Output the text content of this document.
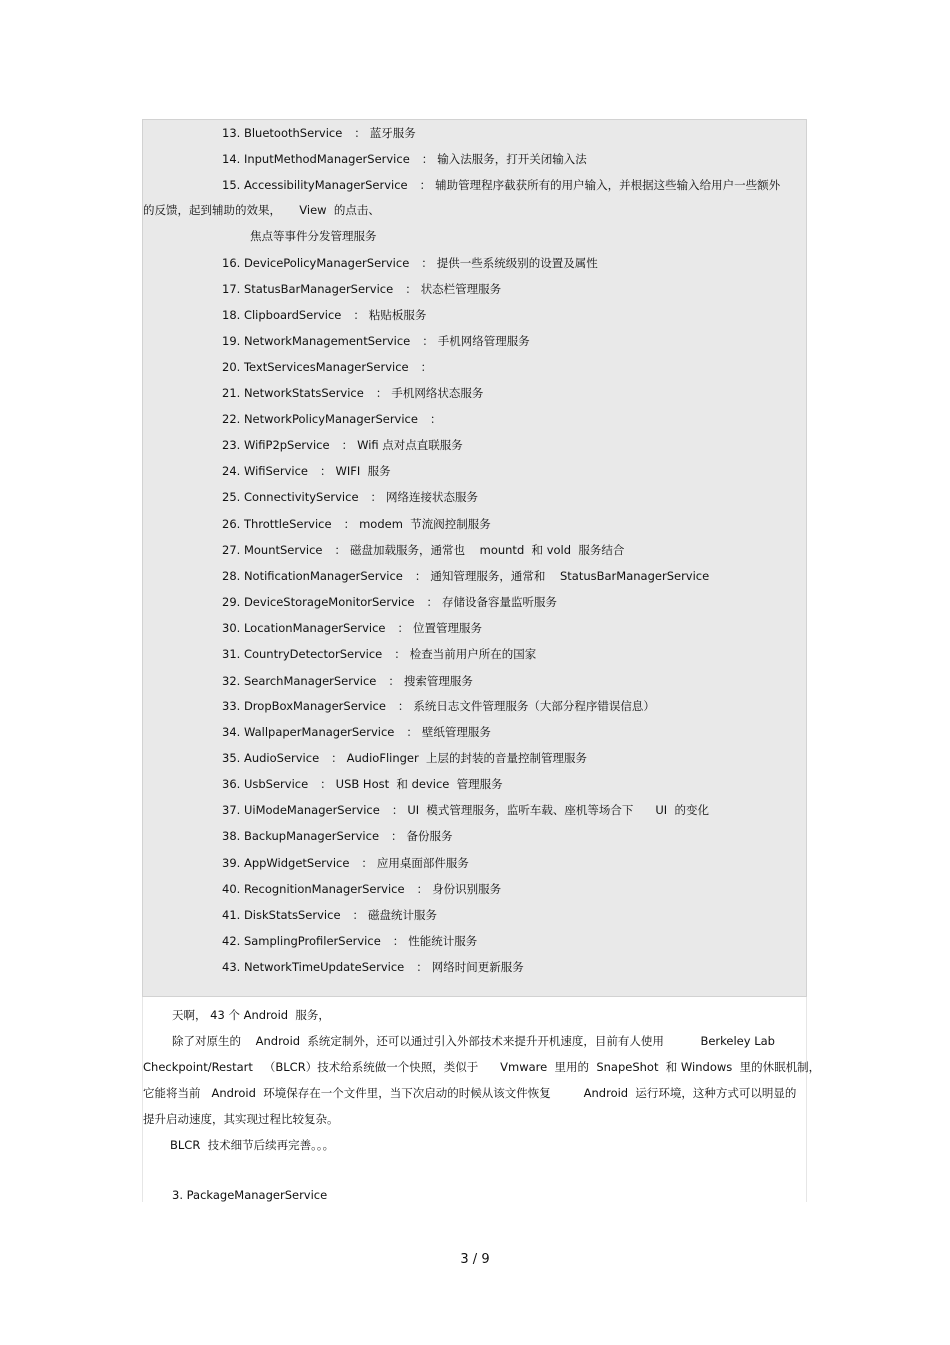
13. BluetoothService ： 蓝牙服务
14. InputMethodManagerService ： 输入法服务，打开关闭输入法
15. AccessibilityManagerService ： 辅助管理程序截获所有的用户输入，并根据这些输入给用户一些额外
16. DevicePolicyManagerService ： 提供一些系统级别的设置及属性
17. StatusBarManagerService ： 状态栏管理服务
18. ClipboardService ： 粘贴板服务
19. NetworkManagementService ： 手机网络管理服务
20. TextServicesManagerService ：
21. NetworkStatsService ： 手机网络状态服务
22. NetworkPolicyManagerService ：
23. WifiP2pService ： Wifi 点对点直联服务
24. WifiService ： WIFI  服务
25. ConnectivityService ： 网络连接状态服务
26. ThrottleService ： modem  节流阀控制服务
27. MountService ： 磁盘加载服务，通常也    mountd  和 vold  服务结合
28. NotificationManagerService ： 通知管理服务，通常和    StatusBarManagerService
29. DeviceStorageMonitorService ： 存储设备容量监听服务
30. LocationManagerService ： 位置管理服务
31. CountryDetectorService ： 检查当前用户所在的国家
32. SearchManagerService ： 搜索管理服务
33. DropBoxManagerService ： 系统日志文件管理服务（大部分程序错误信息）
34. WallpaperManagerService ： 壁纸管理服务
35. AudioService ： AudioFlinger  上层的封装的音量控制管理服务
36. UsbService ： USB Host  和 device  管理服务
37. UiModeManagerService ： UI  模式管理服务，监听车载、座机等场合下      UI  的变化
38. BackupManagerService ： 备份服务
39. AppWidgetService ： 应用桌面部件服务
40. RecognitionManagerService ： 身份识别服务
41. DiskStatsService ： 磁盘统计服务
42. SamplingProfilerService ： 性能统计服务
43. NetworkTimeUpdateService ： 网络时间更新服务
的反馈，起到辅助的效果，     View  的点击、
焦点等事件分发管理服务
天啊， 43 个 Android  服务，
除了对原生的    Android  系统定制外，还可以通过引入外部技术来提升开机速度，目前有人使用          Berkeley Lab
Checkpoint/Restart   （BLCR）技术给系统做一个快照，类似于      Vmware  里用的  SnapeShot  和 Windows  里的休眠机制，
它能将当前   Android  环境保存在一个文件里，当下次启动的时候从该文件恢复         Android  运行环境，这种方式可以明显的
提升启动速度，其实现过程比较复杂。
BLCR  技术细节后续再完善。。。
3. PackageManagerService
3 / 9
